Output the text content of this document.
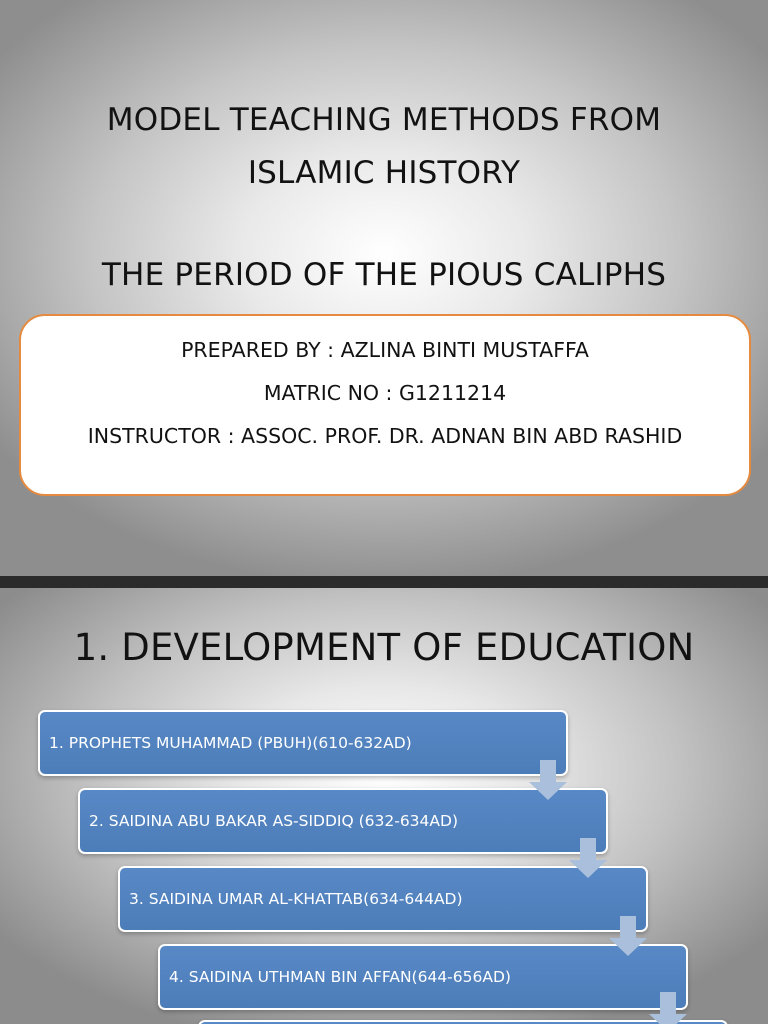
MODEL TEACHING METHODS FROM
ISLAMIC HISTORY
THE PERIOD OF THE PIOUS CALIPHS
PREPARED BY : AZLINA BINTI MUSTAFFA
MATRIC NO : G1211214
INSTRUCTOR : ASSOC. PROF. DR. ADNAN BIN ABD RASHID
1. DEVELOPMENT OF EDUCATION
1. PROPHETS MUHAMMAD (PBUH)(610-632AD)
2. SAIDINA ABU BAKAR AS-SIDDIQ (632-634AD)
3. SAIDINA UMAR AL-KHATTAB(634-644AD)
4. SAIDINA UTHMAN BIN AFFAN(644-656AD)
